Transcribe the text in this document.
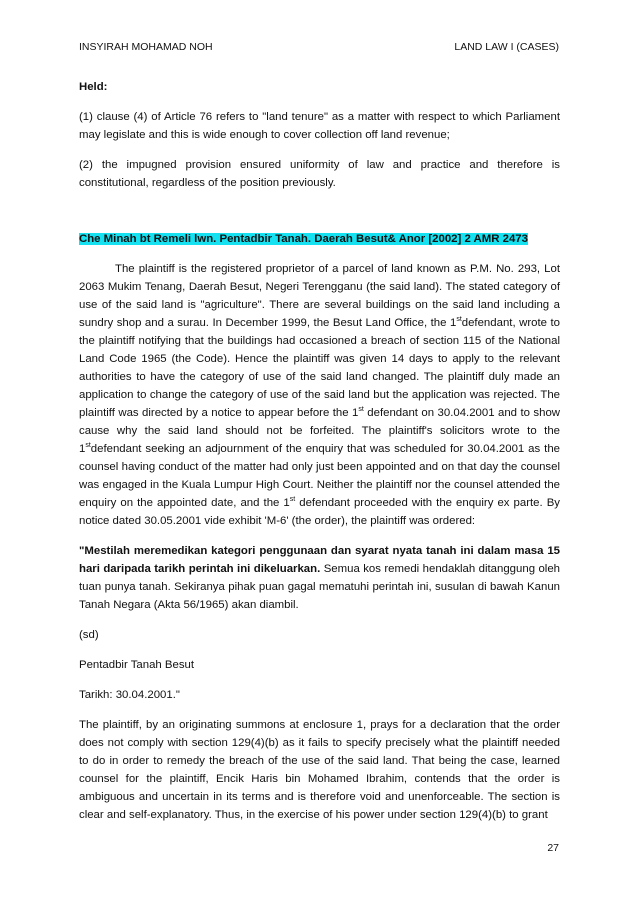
INSYIRAH MOHAMAD NOH	LAND LAW I (CASES)

Held:

(1) clause (4) of Article 76 refers to "land tenure" as a matter with respect to which Parliament may legislate and this is wide enough to cover collection off land revenue;

(2) the impugned provision ensured uniformity of law and practice and therefore is constitutional, regardless of the position previously.

Che Minah bt Remeli lwn. Pentadbir Tanah. Daerah Besut& Anor [2002] 2 AMR 2473

The plaintiff is the registered proprietor of a parcel of land known as P.M. No. 293, Lot 2063 Mukim Tenang, Daerah Besut, Negeri Terengganu (the said land). The stated category of use of the said land is "agriculture". There are several buildings on the said land including a sundry shop and a surau. In December 1999, the Besut Land Office, the 1stdefendant, wrote to the plaintiff notifying that the buildings had occasioned a breach of section 115 of the National Land Code 1965 (the Code). Hence the plaintiff was given 14 days to apply to the relevant authorities to have the category of use of the said land changed. The plaintiff duly made an application to change the category of use of the said land but the application was rejected. The plaintiff was directed by a notice to appear before the 1st defendant on 30.04.2001 and to show cause why the said land should not be forfeited. The plaintiff's solicitors wrote to the 1stdefendant seeking an adjournment of the enquiry that was scheduled for 30.04.2001 as the counsel having conduct of the matter had only just been appointed and on that day the counsel was engaged in the Kuala Lumpur High Court. Neither the plaintiff nor the counsel attended the enquiry on the appointed date, and the 1st defendant proceeded with the enquiry ex parte. By notice dated 30.05.2001 vide exhibit 'M-6' (the order), the plaintiff was ordered:

"Mestilah meremedikan kategori penggunaan dan syarat nyata tanah ini dalam masa 15 hari daripada tarikh perintah ini dikeluarkan. Semua kos remedi hendaklah ditanggung oleh tuan punya tanah. Sekiranya pihak puan gagal mematuhi perintah ini, susulan di bawah Kanun Tanah Negara (Akta 56/1965) akan diambil.

(sd)

Pentadbir Tanah Besut

Tarikh: 30.04.2001."

The plaintiff, by an originating summons at enclosure 1, prays for a declaration that the order does not comply with section 129(4)(b) as it fails to specify precisely what the plaintiff needed to do in order to remedy the breach of the use of the said land. That being the case, learned counsel for the plaintiff, Encik Haris bin Mohamed Ibrahim, contends that the order is ambiguous and uncertain in its terms and is therefore void and unenforceable. The section is clear and self-explanatory. Thus, in the exercise of his power under section 129(4)(b) to grant

27
